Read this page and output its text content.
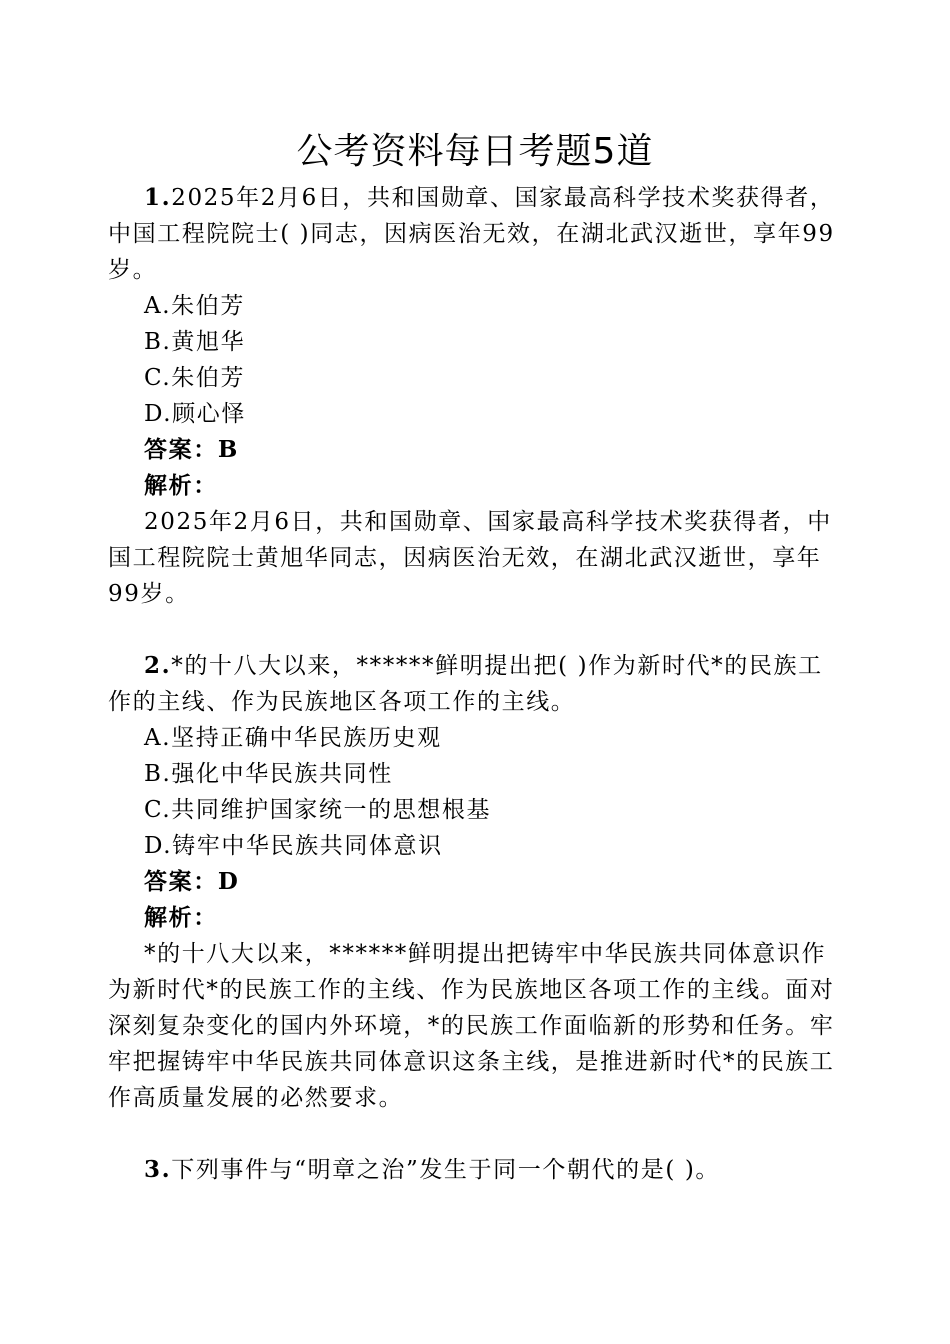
公考资料每日考题5道

1.2025年2月6日，共和国勋章、国家最高科学技术奖获得者，中国工程院院士( )同志，因病医治无效，在湖北武汉逝世，享年99岁。

A.朱伯芳

B.黄旭华

C.朱伯芳

D.顾心怿

答案：B

解析：

2025年2月6日，共和国勋章、国家最高科学技术奖获得者，中国工程院院士黄旭华同志，因病医治无效，在湖北武汉逝世，享年99岁。

2.*的十八大以来，******鲜明提出把( )作为新时代*的民族工作的主线、作为民族地区各项工作的主线。

A.坚持正确中华民族历史观

B.强化中华民族共同性

C.共同维护国家统一的思想根基

D.铸牢中华民族共同体意识

答案：D

解析：

*的十八大以来，******鲜明提出把铸牢中华民族共同体意识作为新时代*的民族工作的主线、作为民族地区各项工作的主线。面对深刻复杂变化的国内外环境，*的民族工作面临新的形势和任务。牢牢把握铸牢中华民族共同体意识这条主线，是推进新时代*的民族工作高质量发展的必然要求。

3.下列事件与“明章之治”发生于同一个朝代的是( )。
